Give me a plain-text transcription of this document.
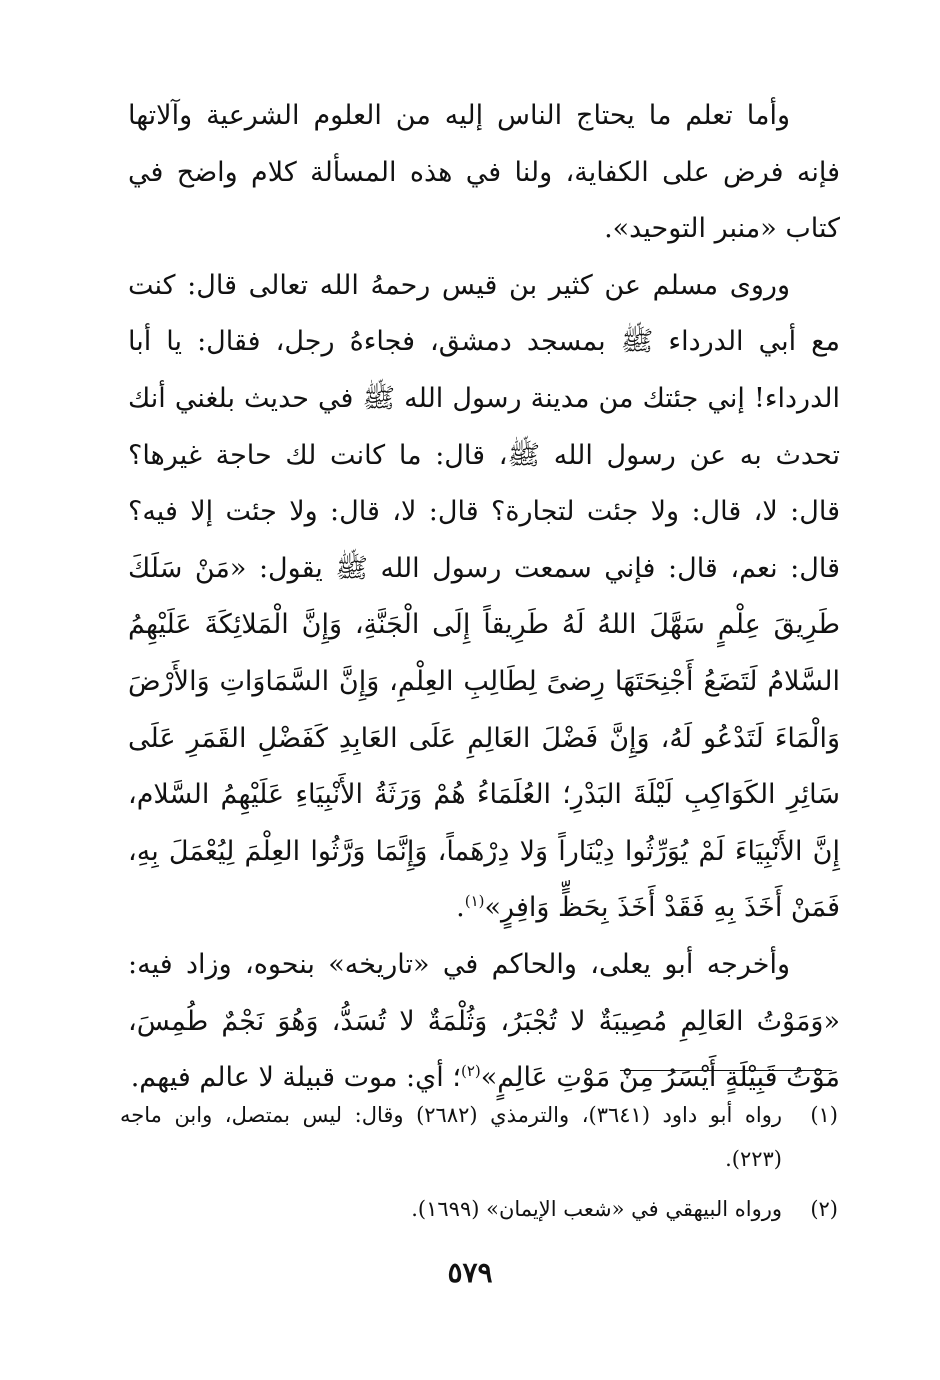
وأما تعلم ما يحتاج الناس إليه من العلوم الشرعية وآلاتها فإنه فرض على الكفاية، ولنا في هذه المسألة كلام واضح في كتاب «منبر التوحيد».

وروى مسلم عن كثير بن قيس رحمهُ الله تعالى قال: كنت مع أبي الدرداء ﷺ بمسجد دمشق، فجاءهُ رجل، فقال: يا أبا الدرداء! إني جئتك من مدينة رسول الله ﷺ في حديث بلغني أنك تحدث به عن رسول الله ﷺ، قال: ما كانت لك حاجة غيرها؟ قال: لا، قال: ولا جئت لتجارة؟ قال: لا، قال: ولا جئت إلا فيه؟ قال: نعم، قال: فإني سمعت رسول الله ﷺ يقول: «مَنْ سَلَكَ طَرِيقَ عِلْمٍ سَهَّلَ اللهُ لَهُ طَرِيقاً إِلَى الْجَنَّةِ، وَإِنَّ الْمَلائِكَةَ عَلَيْهِمُ السَّلامُ لَتَضَعُ أَجْنِحَتَهَا رِضىً لِطَالِبِ العِلْمِ، وَإِنَّ السَّمَاوَاتِ وَالأَرْضَ وَالْمَاءَ لَتَدْعُو لَهُ، وَإِنَّ فَضْلَ العَالِمِ عَلَى العَابِدِ كَفَضْلِ القَمَرِ عَلَى سَائِرِ الكَوَاكِبِ لَيْلَةَ البَدْرِ؛ العُلَمَاءُ هُمْ وَرَثَةُ الأَنْبِيَاءِ عَلَيْهِمُ السَّلام، إِنَّ الأَنْبِيَاءَ لَمْ يُوَرِّثُوا دِيْنَاراً وَلا دِرْهَماً، وَإِنَّمَا وَرَّثُوا العِلْمَ لِيُعْمَلَ بِهِ، فَمَنْ أَخَذَ بِهِ فَقَدْ أَخَذَ بِحَظٍّ وَافِرٍ»$^{(١)}$.

وأخرجه أبو يعلى، والحاكم في «تاريخه» بنحوه، وزاد فيه: «وَمَوْتُ العَالِمِ مُصِيبَةٌ لا تُجْبَرُ، وَثُلْمَةٌ لا تُسَدُّ، وَهُوَ نَجْمٌ طُمِسَ، مَوْتُ قَبِيْلَةٍ أَيْسَرُ مِنْ مَوْتِ عَالِمٍ»$^{(٢)}$؛ أي: موت قبيلة لا عالم فيهم.

(١)
رواه أبو داود (٣٦٤١)، والترمذي (٢٦٨٢) وقال: ليس بمتصل، وابن ماجه (٢٢٣).
(٢)
ورواه البيهقي في «شعب الإيمان» (١٦٩٩).
٥٧٩
